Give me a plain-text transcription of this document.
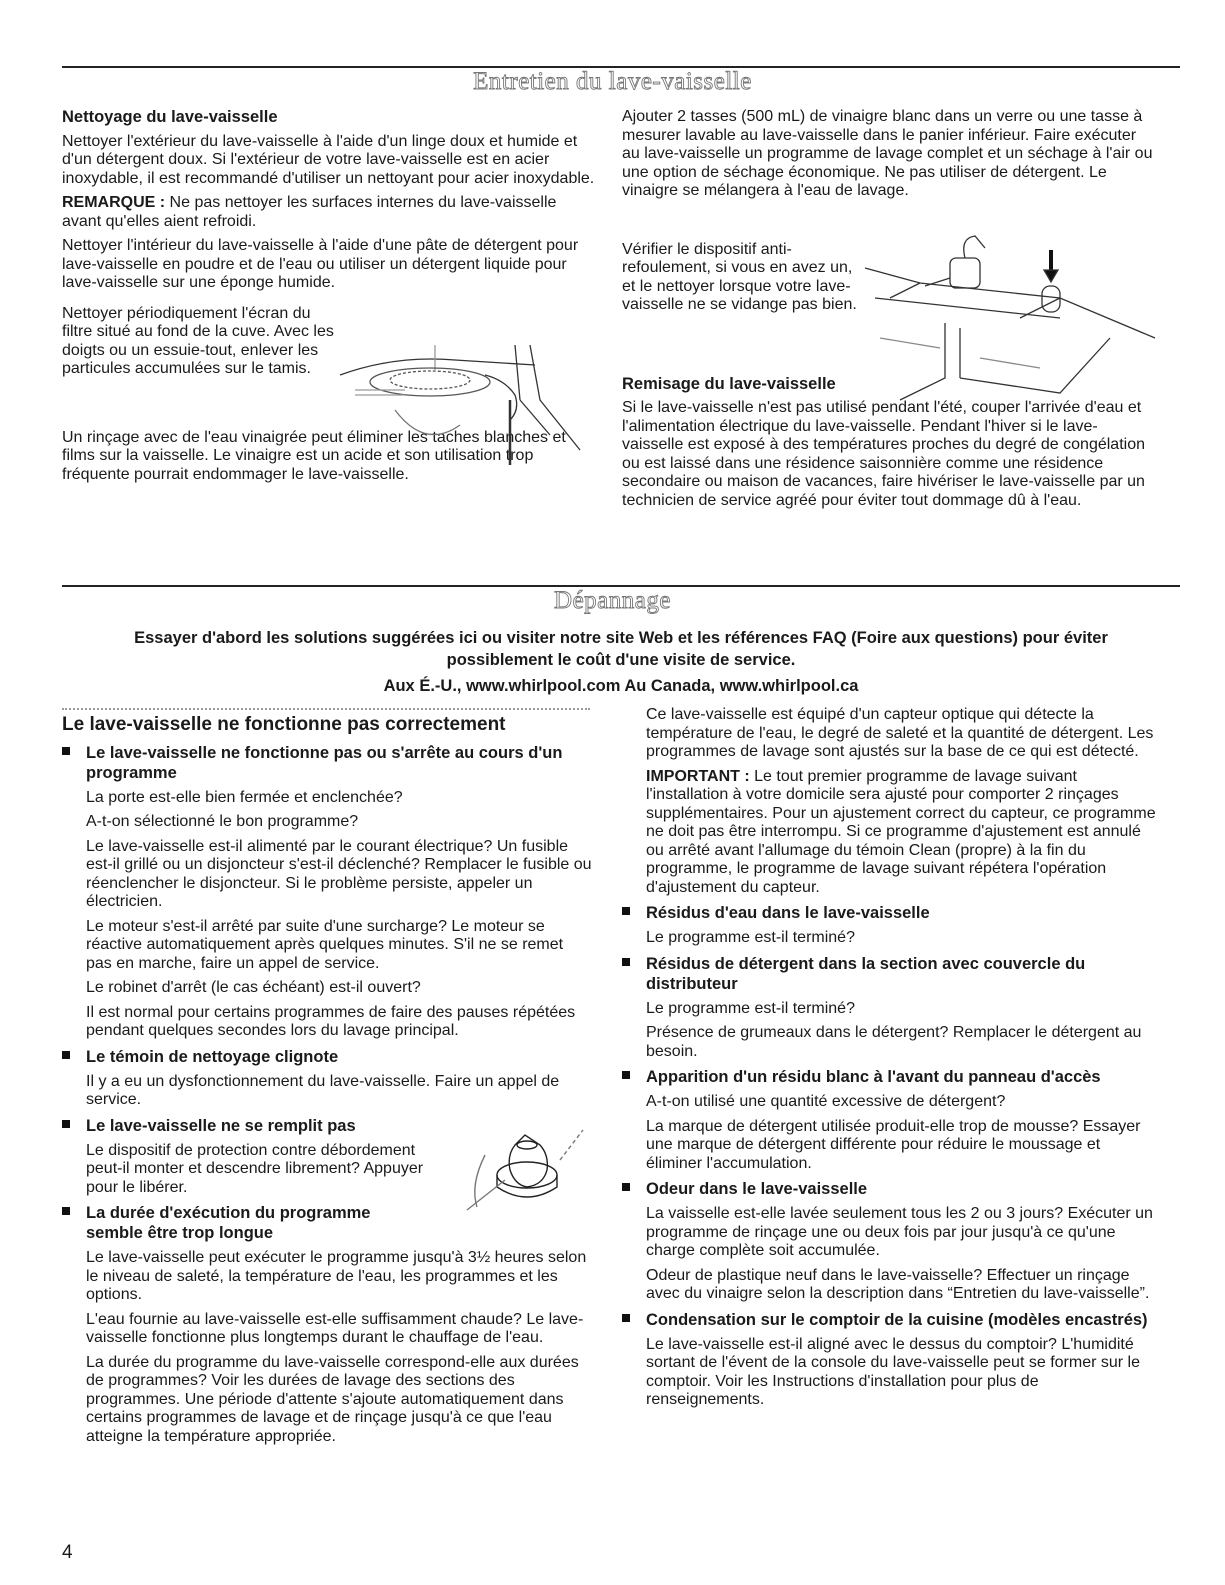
Entretien du lave-vaisselle
Nettoyage du lave-vaisselle

Nettoyer l'extérieur du lave-vaisselle à l'aide d'un linge doux et humide et d'un détergent doux. Si l'extérieur de votre lave-vaisselle est en acier inoxydable, il est recommandé d'utiliser un nettoyant pour acier inoxydable.

REMARQUE : Ne pas nettoyer les surfaces internes du lave-vaisselle avant qu'elles aient refroidi.

Nettoyer l'intérieur du lave-vaisselle à l'aide d'une pâte de détergent pour lave-vaisselle en poudre et de l'eau ou utiliser un détergent liquide pour lave-vaisselle sur une éponge humide.

Nettoyer périodiquement l'écran du filtre situé au fond de la cuve. Avec les doigts ou un essuie-tout, enlever les particules accumulées sur le tamis.

Un rinçage avec de l'eau vinaigrée peut éliminer les taches blanches et films sur la vaisselle. Le vinaigre est un acide et son utilisation trop fréquente pourrait endommager le lave-vaisselle.

Ajouter 2 tasses (500 mL) de vinaigre blanc dans un verre ou une tasse à mesurer lavable au lave-vaisselle dans le panier inférieur. Faire exécuter au lave-vaisselle un programme de lavage complet et un séchage à l'air ou une option de séchage économique. Ne pas utiliser de détergent. Le vinaigre se mélangera à l'eau de lavage.

Vérifier le dispositif anti-refoulement, si vous en avez un, et le nettoyer lorsque votre lave-vaisselle ne se vidange pas bien.

Remisage du lave-vaisselle

Si le lave-vaisselle n'est pas utilisé pendant l'été, couper l'arrivée d'eau et l'alimentation électrique du lave-vaisselle. Pendant l'hiver si le lave-vaisselle est exposé à des températures proches du degré de congélation ou est laissé dans une résidence saisonnière comme une résidence secondaire ou maison de vacances, faire hivériser le lave-vaisselle par un technicien de service agréé pour éviter tout dommage dû à l'eau.

Dépannage
Essayer d'abord les solutions suggérées ici ou visiter notre site Web et les références FAQ (Foire aux questions) pour éviter
possiblement le coût d'une visite de service.
Aux É.-U., www.whirlpool.com Au Canada, www.whirlpool.ca
Le lave-vaisselle ne fonctionne pas correctement
Le lave-vaisselle ne fonctionne pas ou s'arrête au cours d'un programme

La porte est-elle bien fermée et enclenchée?

A-t-on sélectionné le bon programme?

Le lave-vaisselle est-il alimenté par le courant électrique? Un fusible est-il grillé ou un disjoncteur s'est-il déclenché? Remplacer le fusible ou réenclencher le disjoncteur. Si le problème persiste, appeler un électricien.

Le moteur s'est-il arrêté par suite d'une surcharge? Le moteur se réactive automatiquement après quelques minutes. S'il ne se remet pas en marche, faire un appel de service.

Le robinet d'arrêt (le cas échéant) est-il ouvert?

Il est normal pour certains programmes de faire des pauses répétées pendant quelques secondes lors du lavage principal.

Le témoin de nettoyage clignote

Il y a eu un dysfonctionnement du lave-vaisselle. Faire un appel de service.

Le lave-vaisselle ne se remplit pas

Le dispositif de protection contre débordement peut-il monter et descendre librement? Appuyer pour le libérer.

La durée d'exécution du programme semble être trop longue

Le lave-vaisselle peut exécuter le programme jusqu'à 3½ heures selon le niveau de saleté, la température de l'eau, les programmes et les options.

L'eau fournie au lave-vaisselle est-elle suffisamment chaude? Le lave-vaisselle fonctionne plus longtemps durant le chauffage de l'eau.

La durée du programme du lave-vaisselle correspond-elle aux durées de programmes? Voir les durées de lavage des sections des programmes. Une période d'attente s'ajoute automatiquement dans certains programmes de lavage et de rinçage jusqu'à ce que l'eau atteigne la température appropriée.

Ce lave-vaisselle est équipé d'un capteur optique qui détecte la température de l'eau, le degré de saleté et la quantité de détergent. Les programmes de lavage sont ajustés sur la base de ce qui est détecté.

IMPORTANT : Le tout premier programme de lavage suivant l'installation à votre domicile sera ajusté pour comporter 2 rinçages supplémentaires. Pour un ajustement correct du capteur, ce programme ne doit pas être interrompu. Si ce programme d'ajustement est annulé ou arrêté avant l'allumage du témoin Clean (propre) à la fin du programme, le programme de lavage suivant répétera l'opération d'ajustement du capteur.

Résidus d'eau dans le lave-vaisselle

Le programme est-il terminé?

Résidus de détergent dans la section avec couvercle du distributeur

Le programme est-il terminé?

Présence de grumeaux dans le détergent? Remplacer le détergent au besoin.

Apparition d'un résidu blanc à l'avant du panneau d'accès

A-t-on utilisé une quantité excessive de détergent?

La marque de détergent utilisée produit-elle trop de mousse? Essayer une marque de détergent différente pour réduire le moussage et éliminer l'accumulation.

Odeur dans le lave-vaisselle

La vaisselle est-elle lavée seulement tous les 2 ou 3 jours? Exécuter un programme de rinçage une ou deux fois par jour jusqu'à ce qu'une charge complète soit accumulée.

Odeur de plastique neuf dans le lave-vaisselle? Effectuer un rinçage avec du vinaigre selon la description dans “Entretien du lave-vaisselle”.

Condensation sur le comptoir de la cuisine (modèles encastrés)

Le lave-vaisselle est-il aligné avec le dessus du comptoir? L'humidité sortant de l'évent de la console du lave-vaisselle peut se former sur le comptoir. Voir les Instructions d'installation pour plus de renseignements.

4
